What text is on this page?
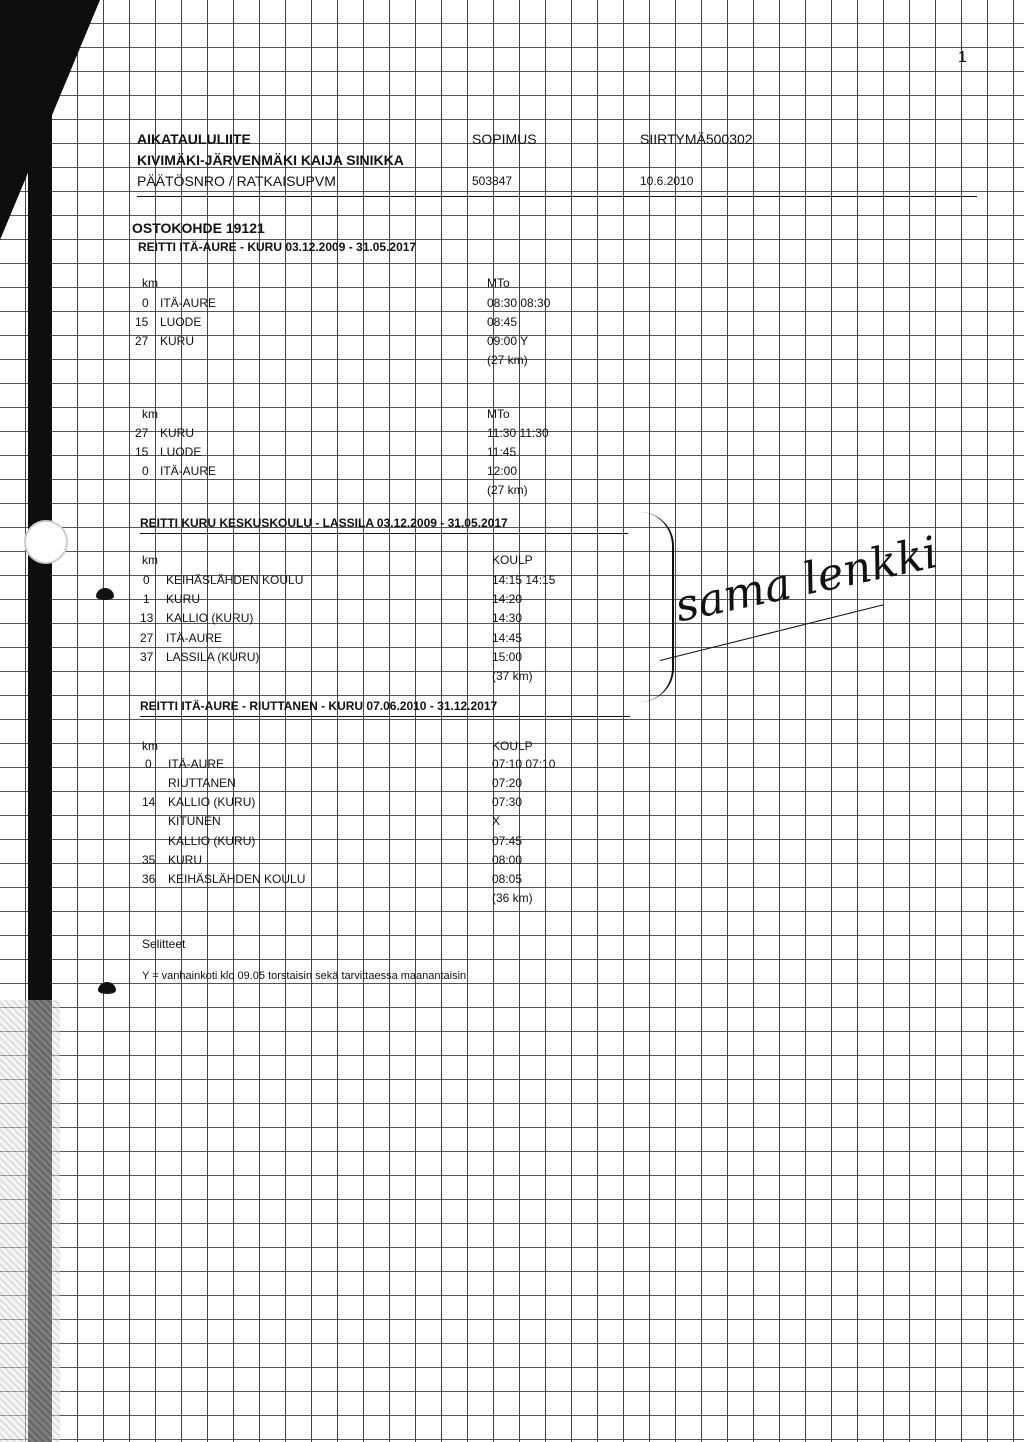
1
AIKATAULULIITE	SOPIMUS	SIIRTYMÄ500302
KIVIMÄKI-JÄRVENMÄKI KAIJA SINIKKA
PÄÄTÖSNRO / RATKAISUPVM	503847	10.6.2010
OSTOKOHDE 19121
REITTI ITÄ-AURE - KURU 03.12.2009 - 31.05.2017
km	MTo
0 ITÄ-AURE	08:30 08:30
15 LUODE	08:45
27 KURU	09:00 Y
(27 km)
km	MTo
27 KURU	11:30 11:30
15 LUODE	11:45
0 ITÄ-AURE	12:00
(27 km)
REITTI KURU KESKUSKOULU - LASSILA 03.12.2009 - 31.05.2017
km	KOULP
0 KEIHÄSLÄHDEN KOULU	14:15 14:15
1 KURU	14:20
13 KALLIO (KURU)	14:30
27 ITÄ-AURE	14:45
37 LASSILA (KURU)	15:00
(37 km)
sama lenkki
REITTI ITÄ-AURE - RIUTTANEN - KURU 07.06.2010 - 31.12.2017
km	KOULP
0 ITÄ-AURE	07:10 07:10
RIUTTANEN	07:20
14 KALLIO (KURU)	07:30
KITUNEN	X
KALLIO (KURU)	07:45
35 KURU	08:00
36 KEIHÄSLÄHDEN KOULU	08:05
(36 km)
Selitteet
Y = vanhainkoti klo 09.05 torstaisin sekä tarvittaessa maanantaisin
